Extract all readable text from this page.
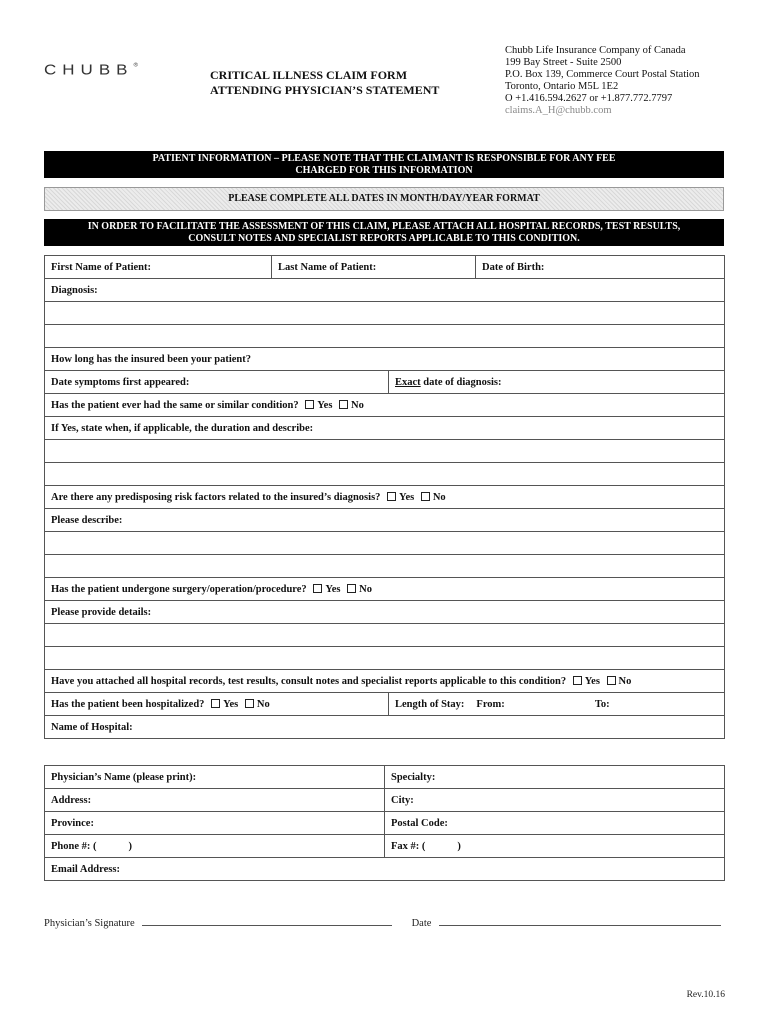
CHUBB®
CRITICAL ILLNESS CLAIM FORM
ATTENDING PHYSICIAN’S STATEMENT
Chubb Life Insurance Company of Canada
199 Bay Street - Suite 2500
P.O. Box 139, Commerce Court Postal Station
Toronto, Ontario M5L 1E2
O +1.416.594.2627 or +1.877.772.7797
claims.A_H@chubb.com
PATIENT INFORMATION – PLEASE NOTE THAT THE CLAIMANT IS RESPONSIBLE FOR ANY FEE
CHARGED FOR THIS INFORMATION
PLEASE COMPLETE ALL DATES IN MONTH/DAY/YEAR FORMAT
IN ORDER TO FACILITATE THE ASSESSMENT OF THIS CLAIM, PLEASE ATTACH ALL HOSPITAL RECORDS, TEST RESULTS,
CONSULT NOTES AND SPECIALIST REPORTS APPLICABLE TO THIS CONDITION.
First Name of Patient:	Last Name of Patient:		Date of Birth:
Diagnosis:			

How long has the insured been your patient?			
Date symptoms first appeared:		Exact date of diagnosis:	
Has the patient ever had the same or similar condition? Yes No			
If Yes, state when, if applicable, the duration and describe:			

Are there any predisposing risk factors related to the insured’s diagnosis? Yes No			
Please describe:			

Has the patient undergone surgery/operation/procedure? Yes No			
Please provide details:			

Have you attached all hospital records, test results, consult notes and specialist reports applicable to this condition? Yes No			
Has the patient been hospitalized? Yes No		Length of Stay: From: To:	
Name of Hospital:			
Physician’s Name (please print):	Specialty:
Address:	City:
Province:	Postal Code:
Phone #: ( )	Fax #: ( )
Email Address:	
Physician’s Signature	Date
Rev.10.16
